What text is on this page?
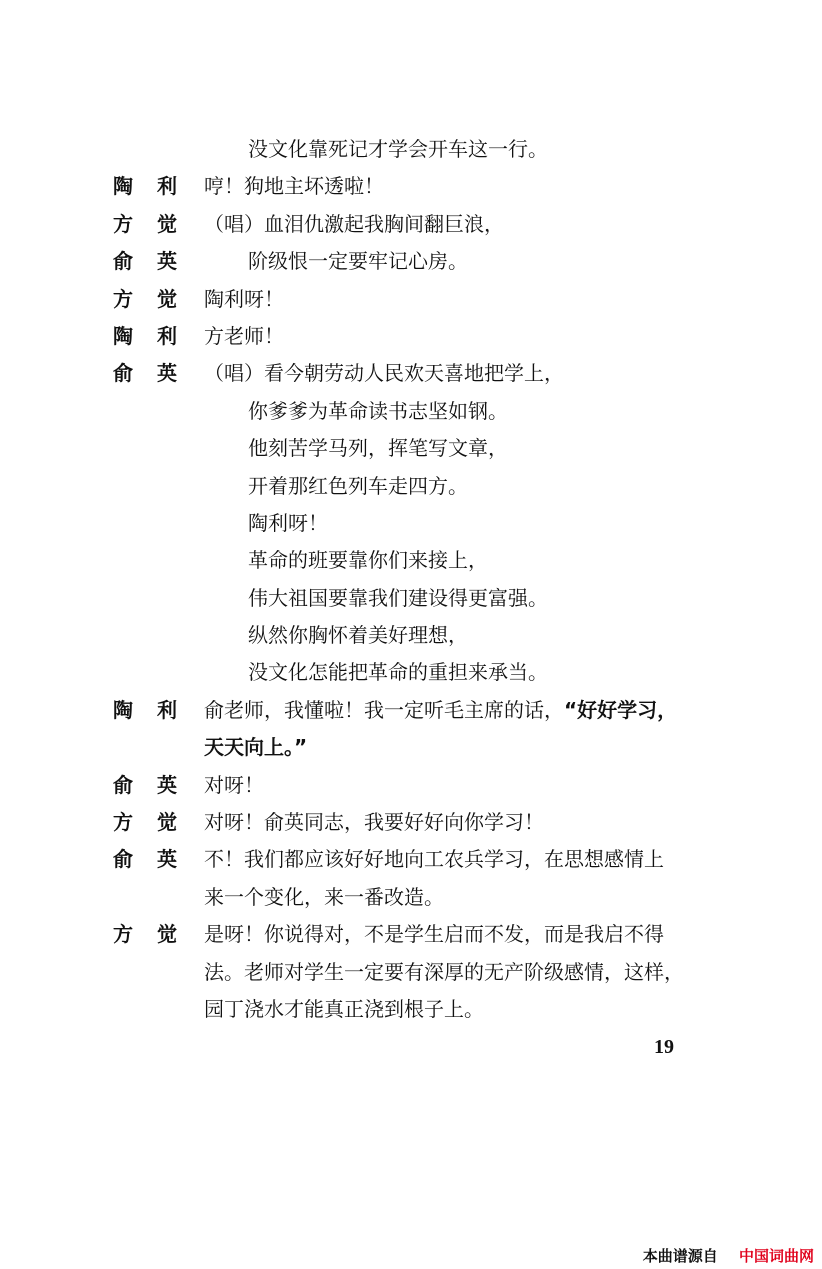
没文化靠死记才学会开车这一行。
陶	利	哼！狗地主坏透啦！
方	觉	（唱）血泪仇激起我胸间翻巨浪，
俞	英	阶级恨一定要牢记心房。
方	觉	陶利呀！
陶	利	方老师！
俞	英	（唱）看今朝劳动人民欢天喜地把学上，
你爹爹为革命读书志坚如钢。
他刻苦学马列，挥笔写文章，
开着那红色列车走四方。
陶利呀！
革命的班要靠你们来接上，
伟大祖国要靠我们建设得更富强。
纵然你胸怀着美好理想，
没文化怎能把革命的重担来承当。
陶	利	俞老师，我懂啦！我一定听毛主席的话，“好好学习，
天天向上。”
俞	英	对呀！
方	觉	对呀！俞英同志，我要好好向你学习！
俞	英	不！我们都应该好好地向工农兵学习，在思想感情上
来一个变化，来一番改造。
方	觉	是呀！你说得对，不是学生启而不发，而是我启不得
法。老师对学生一定要有深厚的无产阶级感情，这样，
园丁浇水才能真正浇到根子上。
19
本曲谱源自 中国词曲网
